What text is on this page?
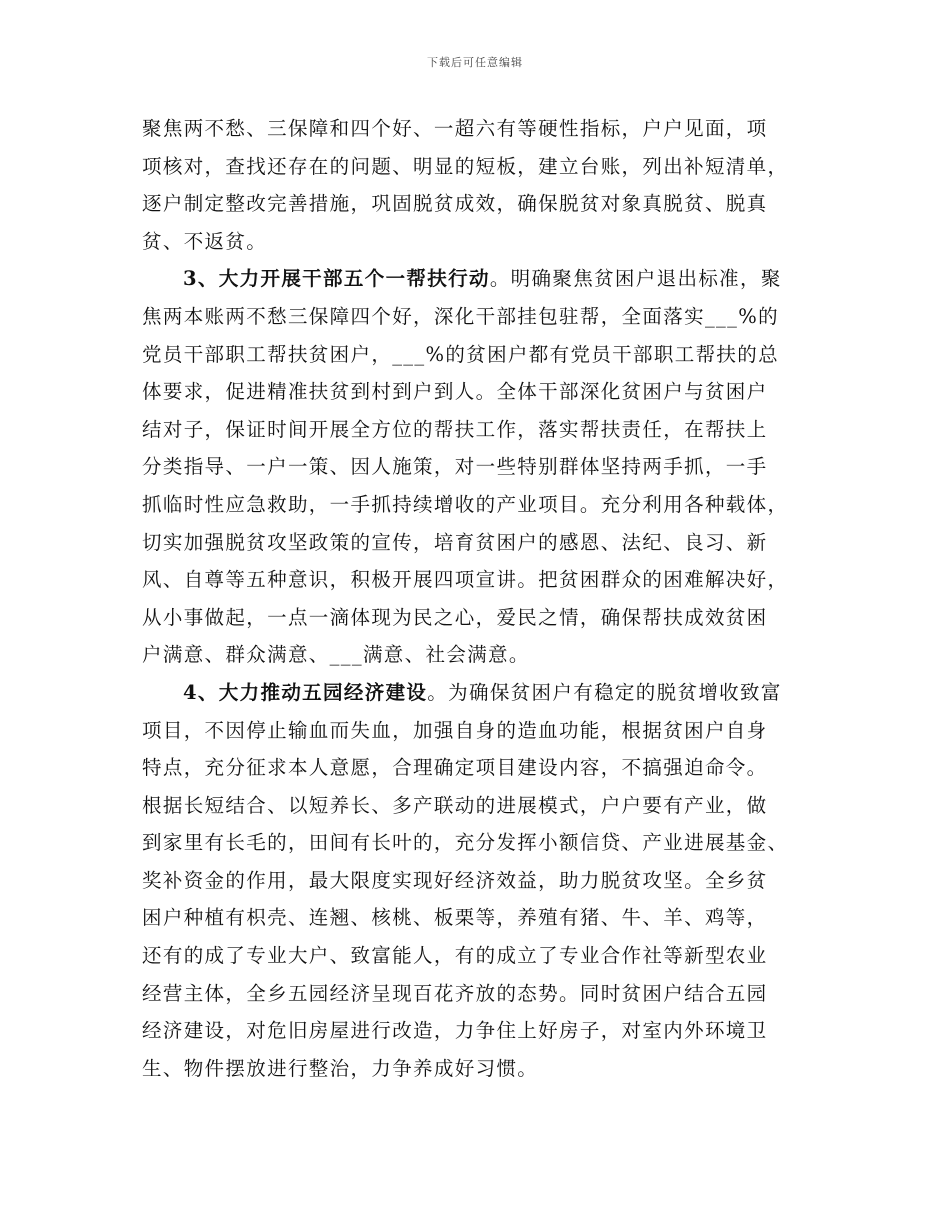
下载后可任意编辑
聚焦两不愁、三保障和四个好、一超六有等硬性指标，户户见面，项
项核对，查找还存在的问题、明显的短板，建立台账，列出补短清单，
逐户制定整改完善措施，巩固脱贫成效，确保脱贫对象真脱贫、脱真
贫、不返贫。
3、大力开展干部五个一帮扶行动。明确聚焦贫困户退出标准，聚
焦两本账两不愁三保障四个好，深化干部挂包驻帮，全面落实___%的
党员干部职工帮扶贫困户，___%的贫困户都有党员干部职工帮扶的总
体要求，促进精准扶贫到村到户到人。全体干部深化贫困户与贫困户
结对子，保证时间开展全方位的帮扶工作，落实帮扶责任，在帮扶上
分类指导、一户一策、因人施策，对一些特别群体坚持两手抓，一手
抓临时性应急救助，一手抓持续增收的产业项目。充分利用各种载体，
切实加强脱贫攻坚政策的宣传，培育贫困户的感恩、法纪、良习、新
风、自尊等五种意识，积极开展四项宣讲。把贫困群众的困难解决好，
从小事做起，一点一滴体现为民之心，爱民之情，确保帮扶成效贫困
户满意、群众满意、___满意、社会满意。
4、大力推动五园经济建设。为确保贫困户有稳定的脱贫增收致富
项目，不因停止输血而失血，加强自身的造血功能，根据贫困户自身
特点，充分征求本人意愿，合理确定项目建设内容，不搞强迫命令。
根据长短结合、以短养长、多产联动的进展模式，户户要有产业，做
到家里有长毛的，田间有长叶的，充分发挥小额信贷、产业进展基金、
奖补资金的作用，最大限度实现好经济效益，助力脱贫攻坚。全乡贫
困户种植有枳壳、连翘、核桃、板栗等，养殖有猪、牛、羊、鸡等，
还有的成了专业大户、致富能人，有的成立了专业合作社等新型农业
经营主体，全乡五园经济呈现百花齐放的态势。同时贫困户结合五园
经济建设，对危旧房屋进行改造，力争住上好房子，对室内外环境卫
生、物件摆放进行整治，力争养成好习惯。
